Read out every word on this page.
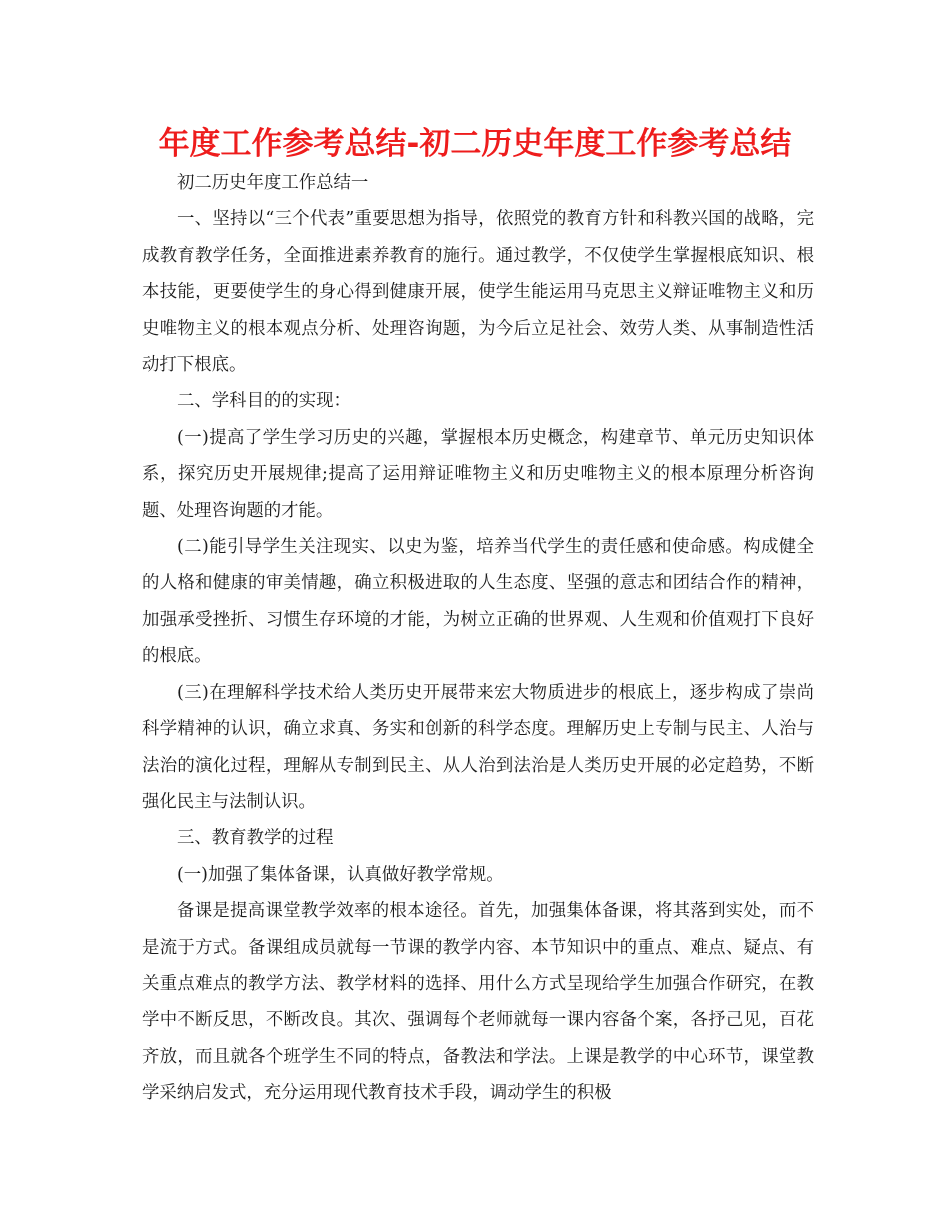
年度工作参考总结-初二历史年度工作参考总结

初二历史年度工作总结一

一、坚持以“三个代表”重要思想为指导，依照党的教育方针和科教兴国的战略，完成教育教学任务，全面推进素养教育的施行。通过教学，不仅使学生掌握根底知识、根本技能，更要使学生的身心得到健康开展，使学生能运用马克思主义辩证唯物主义和历史唯物主义的根本观点分析、处理咨询题，为今后立足社会、效劳人类、从事制造性活动打下根底。

二、学科目的的实现：

(一)提高了学生学习历史的兴趣，掌握根本历史概念，构建章节、单元历史知识体系，探究历史开展规律;提高了运用辩证唯物主义和历史唯物主义的根本原理分析咨询题、处理咨询题的才能。

(二)能引导学生关注现实、以史为鉴，培养当代学生的责任感和使命感。构成健全的人格和健康的审美情趣，确立积极进取的人生态度、坚强的意志和团结合作的精神，加强承受挫折、习惯生存环境的才能，为树立正确的世界观、人生观和价值观打下良好的根底。

(三)在理解科学技术给人类历史开展带来宏大物质进步的根底上，逐步构成了崇尚科学精神的认识，确立求真、务实和创新的科学态度。理解历史上专制与民主、人治与法治的演化过程，理解从专制到民主、从人治到法治是人类历史开展的必定趋势，不断强化民主与法制认识。

三、教育教学的过程

(一)加强了集体备课，认真做好教学常规。

备课是提高课堂教学效率的根本途径。首先，加强集体备课，将其落到实处，而不是流于方式。备课组成员就每一节课的教学内容、本节知识中的重点、难点、疑点、有关重点难点的教学方法、教学材料的选择、用什么方式呈现给学生加强合作研究，在教学中不断反思，不断改良。其次、强调每个老师就每一课内容备个案，各抒己见，百花齐放，而且就各个班学生不同的特点，备教法和学法。上课是教学的中心环节，课堂教学采纳启发式，充分运用现代教育技术手段，调动学生的积极
